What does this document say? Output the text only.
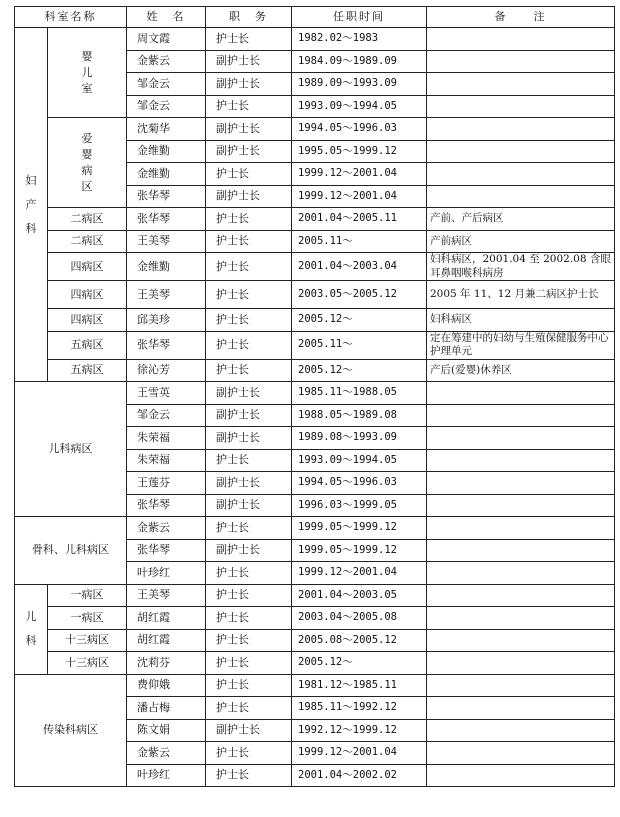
科室名称		姓　名	职　务	任职时间	备　　注

妇产科	婴儿室	周文霞	护士长	1982.02～1983	
		金紫云	副护士长	1984.09～1989.09	
		邹金云	副护士长	1989.09～1993.09	
		邹金云	护士长	1993.09～1994.05	

	爱婴病区	沈菊华	副护士长	1994.05～1996.03	
		金维勤	副护士长	1995.05～1999.12	
		金维勤	护士长	1999.12～2001.04	
		张华琴	副护士长	1999.12～2001.04	
	二病区	张华琴	护士长	2001.04～2005.11	产前、产后病区
	二病区	王美琴	护士长	2005.11～	产前病区
	四病区	金维勤	护士长	2001.04～2003.04	妇科病区，2001.04 至 2002.08 含眼耳鼻咽喉科病房
	四病区	王美琴	护士长	2003.05～2005.12	2005 年 11、12 月兼二病区护士长
	四病区	邱美珍	护士长	2005.12～	妇科病区
	五病区	张华琴	护士长	2005.11～	定在筹建中的妇幼与生殖保健服务中心护理单元
	五病区	徐沁芳	护士长	2005.12～	产后(爱婴)休养区
儿科病区		王雪英	副护士长	1985.11～1988.05	
		邹金云	副护士长	1988.05～1989.08	
		朱荣福	副护士长	1989.08～1993.09	
		朱荣福	护士长	1993.09～1994.05	
		王莲芬	副护士长	1994.05～1996.03	
		张华琴	副护士长	1996.03～1999.05	
骨科、儿科病区		金紫云	护士长	1999.05～1999.12	
		张华琴	副护士长	1999.05～1999.12	
		叶珍红	护士长	1999.12～2001.04	

儿科	一病区	王美琴	护士长	2001.04～2003.05	
	一病区	胡红霞	护士长	2003.04～2005.08	
	十三病区	胡红霞	护士长	2005.08～2005.12	
	十三病区	沈莉芬	护士长	2005.12～	
传染科病区		费仰娥	护士长	1981.12～1985.11	
		潘占梅	护士长	1985.11～1992.12	
		陈文娟	副护士长	1992.12～1999.12	
		金紫云	护士长	1999.12～2001.04	
		叶珍红	护士长	2001.04～2002.02	
